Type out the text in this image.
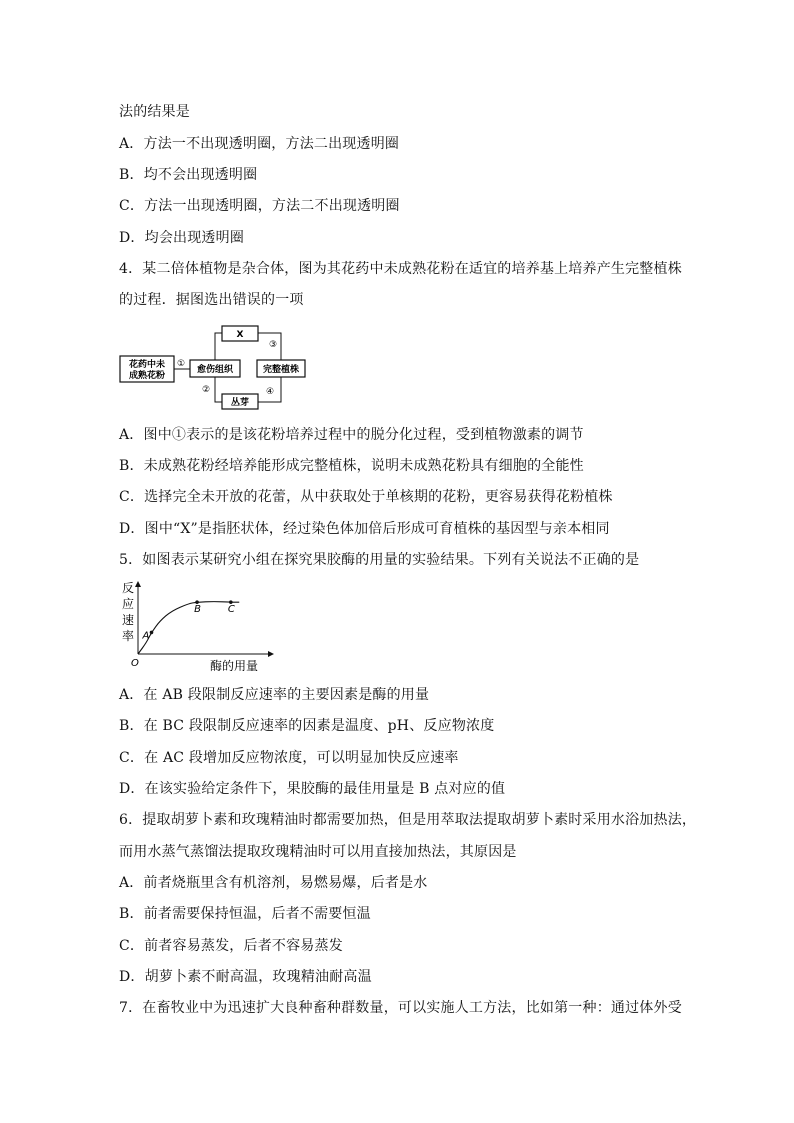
法的结果是
A．方法一不出现透明圈，方法二出现透明圈
B．均不会出现透明圈
C．方法一出现透明圈，方法二不出现透明圈
D．均会出现透明圈
4．某二倍体植物是杂合体，图为其花药中未成熟花粉在适宜的培养基上培养产生完整植株
的过程．据图选出错误的一项
花药中未
成熟花粉
①
愈伤组织
X
完整植株
丛芽
③
②	④
A．图中①表示的是该花粉培养过程中的脱分化过程，受到植物激素的调节
B．未成熟花粉经培养能形成完整植株，说明未成熟花粉具有细胞的全能性
C．选择完全未开放的花蕾，从中获取处于单核期的花粉，更容易获得花粉植株
D．图中“X”是指胚状体，经过染色体加倍后形成可育植株的基因型与亲本相同
5．如图表示某研究小组在探究果胶酶的用量的实验结果。下列有关说法不正确的是
反
应
速
率
O	酶的用量
A
B	C
A．在 AB 段限制反应速率的主要因素是酶的用量
B．在 BC 段限制反应速率的因素是温度、pH、反应物浓度
C．在 AC 段增加反应物浓度，可以明显加快反应速率
D．在该实验给定条件下，果胶酶的最佳用量是 B 点对应的值
6．提取胡萝卜素和玫瑰精油时都需要加热，但是用萃取法提取胡萝卜素时采用水浴加热法，
而用水蒸气蒸馏法提取玫瑰精油时可以用直接加热法，其原因是
A．前者烧瓶里含有机溶剂，易燃易爆，后者是水
B．前者需要保持恒温，后者不需要恒温
C．前者容易蒸发，后者不容易蒸发
D．胡萝卜素不耐高温，玫瑰精油耐高温
7．在畜牧业中为迅速扩大良种畜种群数量，可以实施人工方法，比如第一种：通过体外受
